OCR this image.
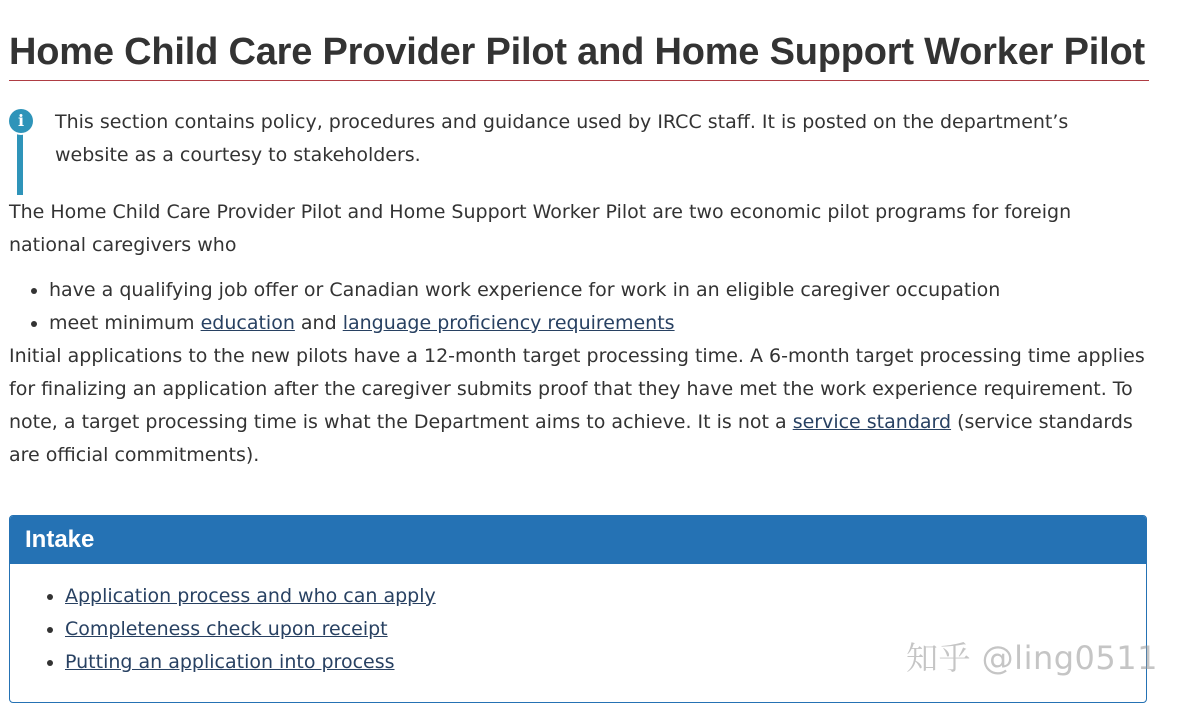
Home Child Care Provider Pilot and Home Support Worker Pilot
i	This section contains policy, procedures and guidance used by IRCC staff. It is posted on the department’s website as a courtesy to stakeholders.

The Home Child Care Provider Pilot and Home Support Worker Pilot are two economic pilot programs for foreign national caregivers who

• have a qualifying job offer or Canadian work experience for work in an eligible caregiver occupation
• meet minimum education and language proficiency requirements

Initial applications to the new pilots have a 12-month target processing time. A 6-month target processing time applies for finalizing an application after the caregiver submits proof that they have met the work experience requirement. To note, a target processing time is what the Department aims to achieve. It is not a service standard (service standards are official commitments).

Intake
• Application process and who can apply
• Completeness check upon receipt
• Putting an application into process	知乎 @ling0511
